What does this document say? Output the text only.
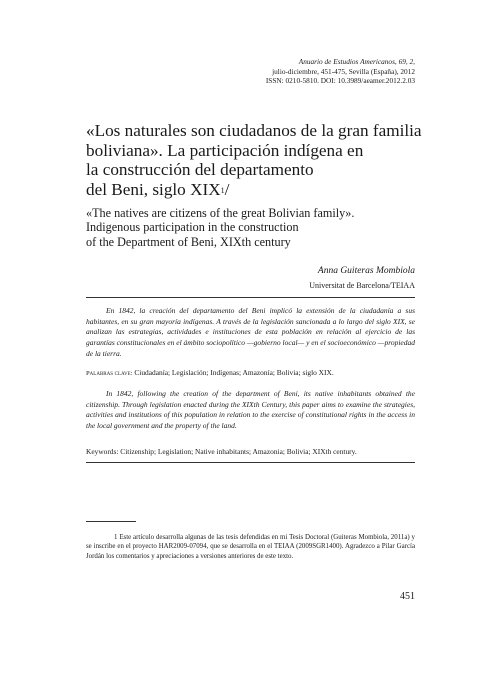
Anuario de Estudios Americanos, 69, 2,
julio-diciembre, 451-475, Sevilla (España), 2012
ISSN: 0210-5810. DOI: 10.3989/aeamer.2012.2.03
«Los naturales son ciudadanos de la gran familia
boliviana». La participación indígena en
la construcción del departamento
del Beni, siglo XIX$^1$/
«The natives are citizens of the great Bolivian family».
Indigenous participation in the construction
of the Department of Beni, XIXth century
Anna Guiteras Mombiola
Universitat de Barcelona/TEIAA

En 1842, la creación del departamento del Beni implicó la extensión de la ciudadanía a sus habitantes, en su gran mayoría indígenas. A través de la legislación sancionada a lo largo del siglo XIX, se analizan las estrategias, actividades e instituciones de esta población en relación al ejercicio de las garantías constitucionales en el ámbito sociopolítico —gobierno local— y en el socioeconómico —propiedad de la tierra.

Palabras clave: Ciudadanía; Legislación; Indígenas; Amazonía; Bolivia; siglo XIX.

In 1842, following the creation of the department of Beni, its native inhabitants obtained the citizenship. Through legislation enacted during the XIXth Century, this paper aims to examine the strategies, activities and institutions of this population in relation to the exercise of constitutional rights in the access in the local government and the property of the land.

Keywords: Citizenship; Legislation; Native inhabitants; Amazonia; Bolivia; XIXth century.

1 Este artículo desarrolla algunas de las tesis defendidas en mi Tesis Doctoral (Guiteras Mombiola, 2011a) y se inscribe en el proyecto HAR2009-07094, que se desarrolla en el TEIAA (2009SGR1400). Agradezco a Pilar García Jordán los comentarios y apreciaciones a versiones anteriores de este texto.

451
